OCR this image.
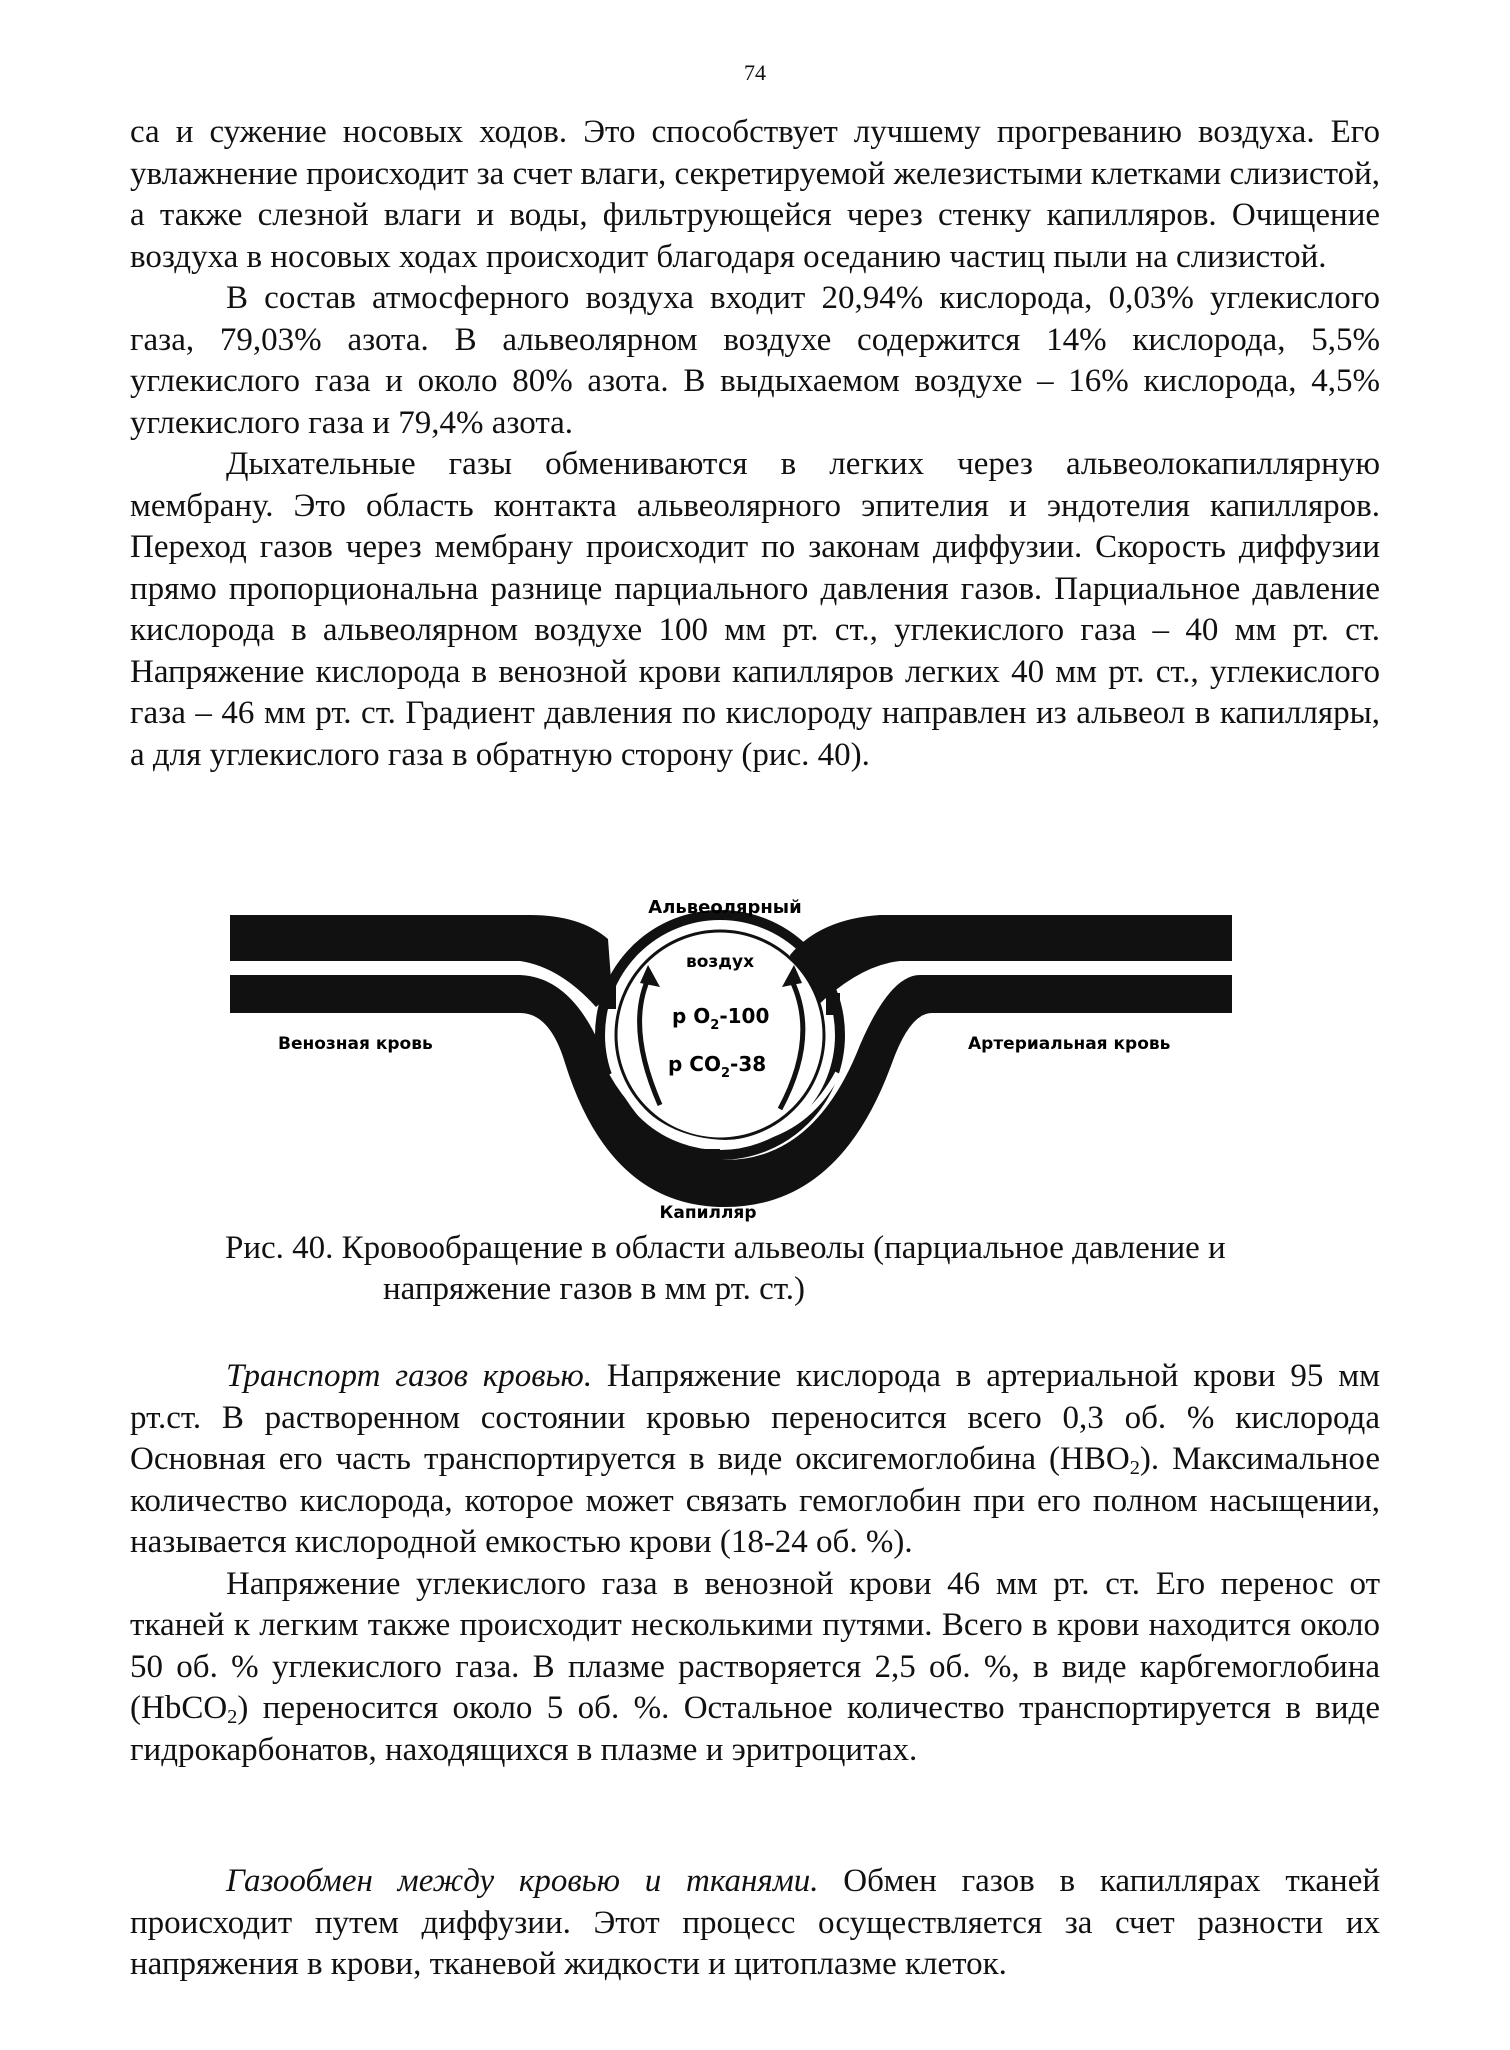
74

са и сужение носовых ходов. Это способствует лучшему прогреванию воздуха. Его увлажнение происходит за счет влаги, секретируемой железистыми клетками слизистой, а также слезной влаги и воды, фильтрующейся через стенку капилляров. Очищение воздуха в носовых ходах происходит благодаря оседанию частиц пыли на слизистой.

В состав атмосферного воздуха входит 20,94% кислорода, 0,03% углекислого газа, 79,03% азота. В альвеолярном воздухе содержится 14% кислорода, 5,5% углекислого газа и около 80% азота. В выдыхаемом воздухе – 16% кислорода, 4,5% углекислого газа и 79,4% азота.

Дыхательные газы обмениваются в легких через альвеолокапиллярную мембрану. Это область контакта альвеолярного эпителия и эндотелия капилляров. Переход газов через мембрану происходит по законам диффузии. Скорость диффузии прямо пропорциональна разнице парциального давления газов. Парциальное давление кислорода в альвеолярном воздухе 100 мм рт. ст., углекислого газа – 40 мм рт. ст. Напряжение кислорода в венозной крови капилляров легких 40 мм рт. ст., углекислого газа – 46 мм рт. ст. Градиент давления по кислороду направлен из альвеол в капилляры, а для углекислого газа в обратную сторону (рис. 40).

Альвеолярный
воздух
Венозная кровь	Артериальная кровь
Капилляр
р $О_2-100$
р $СО_2-38$
Рис. 40. Кровообращение в области альвеолы (парциальное давление и
напряжение газов в мм рт. ст.)

Транспорт газов кровью. Напряжение кислорода в артериальной крови 95 мм рт.ст. В растворенном состоянии кровью переносится всего 0,3 об. % кислорода Основная его часть транспортируется в виде оксигемоглобина $(НВО_2)$. Максимальное количество кислорода, которое может связать гемоглобин при его полном насыщении, называется кислородной емкостью крови (18-24 об. %).

Напряжение углекислого газа в венозной крови 46 мм рт. ст. Его перенос от тканей к легким также происходит несколькими путями. Всего в крови находится около 50 об. % углекислого газа. В плазме растворяется 2,5 об. %, в виде карбгемоглобина (HbCO$_2$) переносится около 5 об. %. Остальное количество транспортируется в виде гидрокарбонатов, находящихся в плазме и эритроцитах.

Газообмен между кровью и тканями. Обмен газов в капиллярах тканей происходит путем диффузии. Этот процесс осуществляется за счет разности их напряжения в крови, тканевой жидкости и цитоплазме клеток.
